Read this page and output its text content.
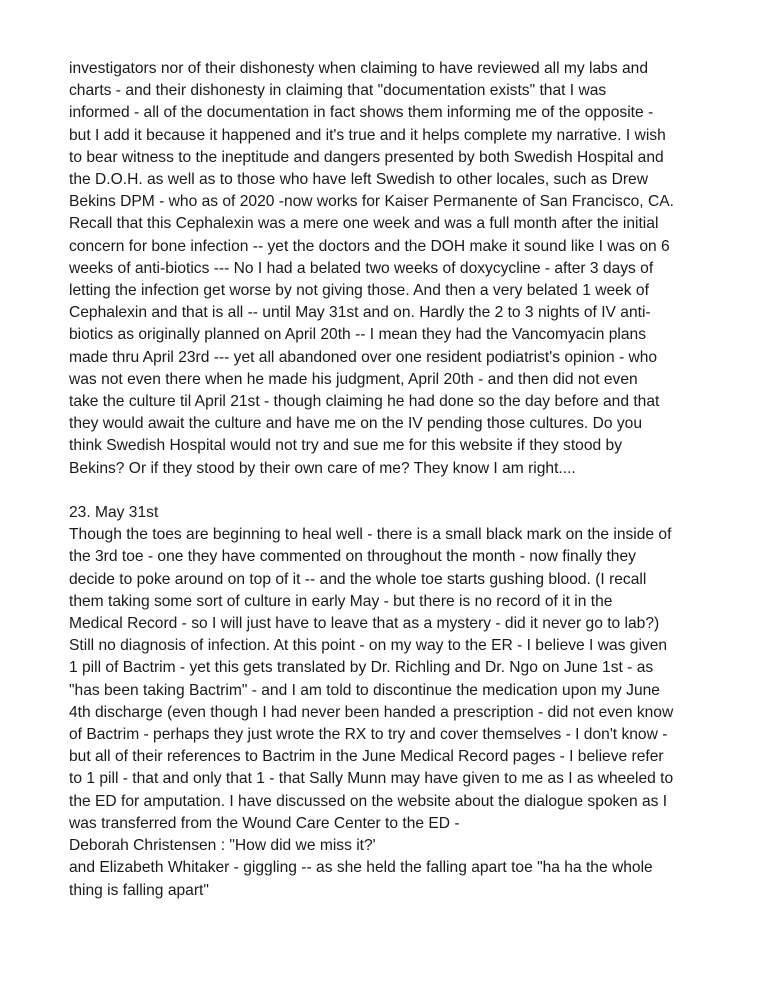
investigators nor of their dishonesty when claiming to have reviewed all my labs and
charts - and their dishonesty in claiming that "documentation exists" that I was
informed - all of the documentation in fact shows them informing me of the opposite -
but I add it because it happened and it's true and it helps complete my narrative. I wish
to bear witness to the ineptitude and dangers presented by both Swedish Hospital and
the D.O.H. as well as to those who have left Swedish to other locales, such as Drew
Bekins DPM - who as of 2020 -now works for Kaiser Permanente of San Francisco, CA.
Recall that this Cephalexin was a mere one week and was a full month after the initial
concern for bone infection -- yet the doctors and the DOH make it sound like I was on 6
weeks of anti-biotics --- No I had a belated two weeks of doxycycline - after 3 days of
letting the infection get worse by not giving those. And then a very belated 1 week of
Cephalexin and that is all -- until May 31st and on. Hardly the 2 to 3 nights of IV anti-
biotics as originally planned on April 20th -- I mean they had the Vancomyacin plans
made thru April 23rd --- yet all abandoned over one resident podiatrist's opinion - who
was not even there when he made his judgment, April 20th - and then did not even
take the culture til April 21st - though claiming he had done so the day before and that
they would await the culture and have me on the IV pending those cultures. Do you
think Swedish Hospital would not try and sue me for this website if they stood by
Bekins? Or if they stood by their own care of me? They know I am right....
23. May 31st
Though the toes are beginning to heal well - there is a small black mark on the inside of
the 3rd toe - one they have commented on throughout the month - now finally they
decide to poke around on top of it -- and the whole toe starts gushing blood. (I recall
them taking some sort of culture in early May - but there is no record of it in the
Medical Record - so I will just have to leave that as a mystery - did it never go to lab?)
Still no diagnosis of infection. At this point - on my way to the ER - I believe I was given
1 pill of Bactrim - yet this gets translated by Dr. Richling and Dr. Ngo on June 1st - as
"has been taking Bactrim" - and I am told to discontinue the medication upon my June
4th discharge (even though I had never been handed a prescription - did not even know
of Bactrim - perhaps they just wrote the RX to try and cover themselves - I don't know -
but all of their references to Bactrim in the June Medical Record pages - I believe refer
to 1 pill - that and only that 1 - that Sally Munn may have given to me as I as wheeled to
the ED for amputation. I have discussed on the website about the dialogue spoken as I
was transferred from the Wound Care Center to the ED -
Deborah Christensen : "How did we miss it?'
and Elizabeth Whitaker - giggling -- as she held the falling apart toe "ha ha the whole
thing is falling apart"
